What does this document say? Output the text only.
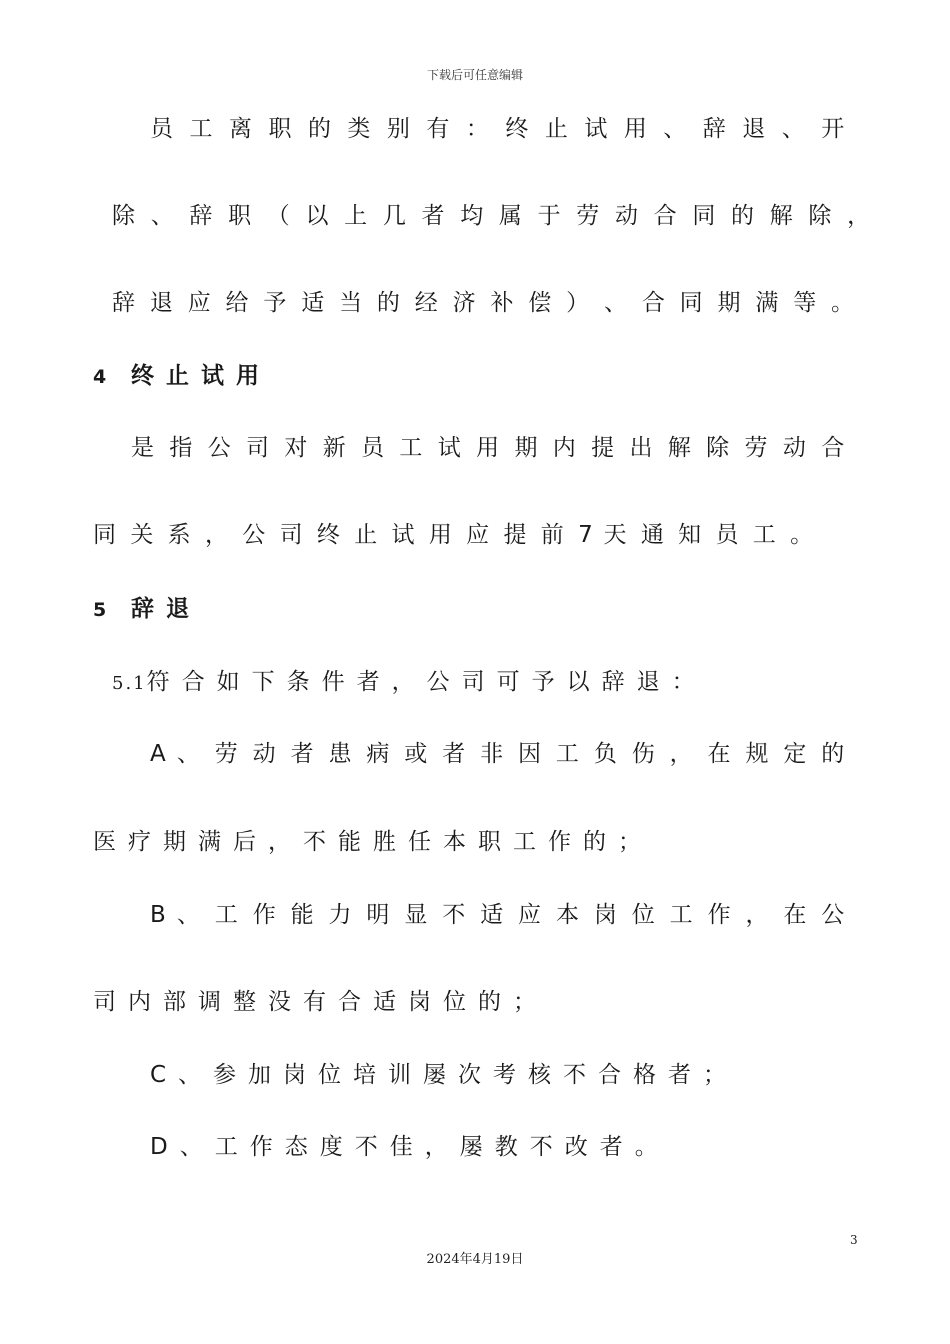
下载后可任意编辑
员 工 离 职 的 类 别 有 ： 终 止 试 用 、 辞 退 、 开
除 、 辞 职 （ 以 上 几 者 均 属 于 劳 动 合 同 的 解 除 ，
辞 退 应 给 予 适 当 的 经 济 补 偿 ） 、 合 同 期 满 等 。
4 终止试用
是 指 公 司 对 新 员 工 试 用 期 内 提 出 解 除 劳 动 合
同 关 系 ， 公 司 终 止 试 用 应 提 前 7 天 通 知 员 工 。
5 辞退
5.1符合如下条件者，公司可予以辞退：
A 、 劳 动 者 患 病 或 者 非 因 工 负 伤 ， 在 规 定 的
医疗期满后，不能胜任本职工作的；
B 、 工 作 能 力 明 显 不 适 应 本 岗 位 工 作 ， 在 公
司内部调整没有合适岗位的；
C、参加岗位培训屡次考核不合格者；
D、工作态度不佳，屡教不改者。
3
2024年4月19日
